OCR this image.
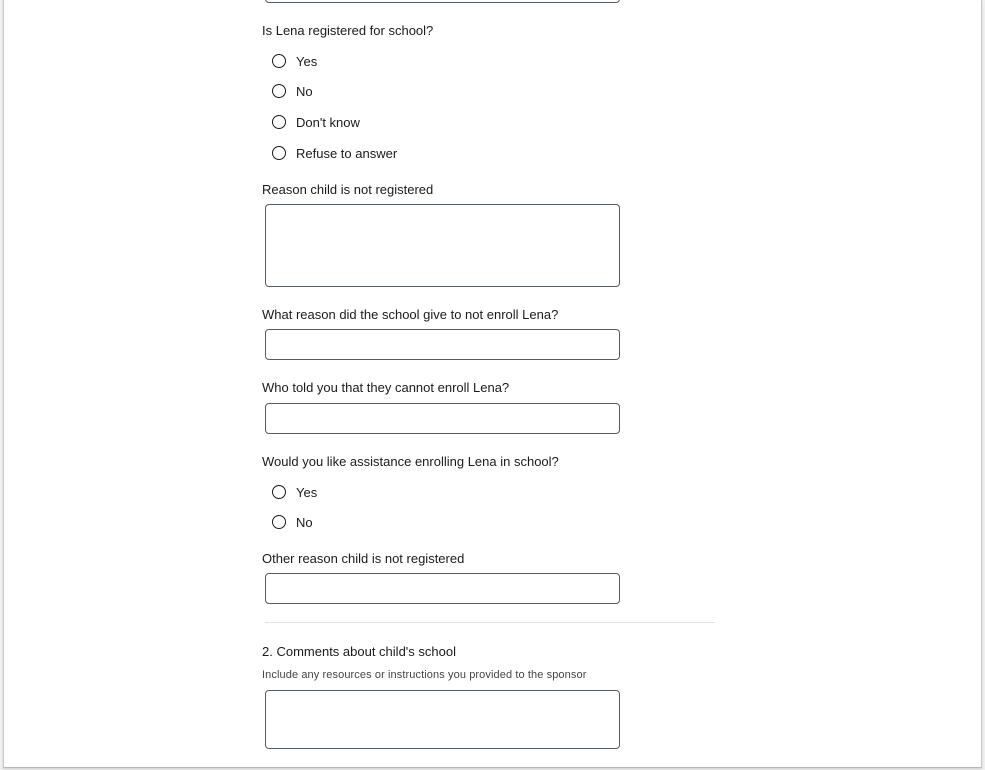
Is Lena registered for school?
Yes
No
Don't know
Refuse to answer
Reason child is not registered
What reason did the school give to not enroll Lena?
Who told you that they cannot enroll Lena?
Would you like assistance enrolling Lena in school?
Yes
No
Other reason child is not registered
2. Comments about child's school
Include any resources or instructions you provided to the sponsor
